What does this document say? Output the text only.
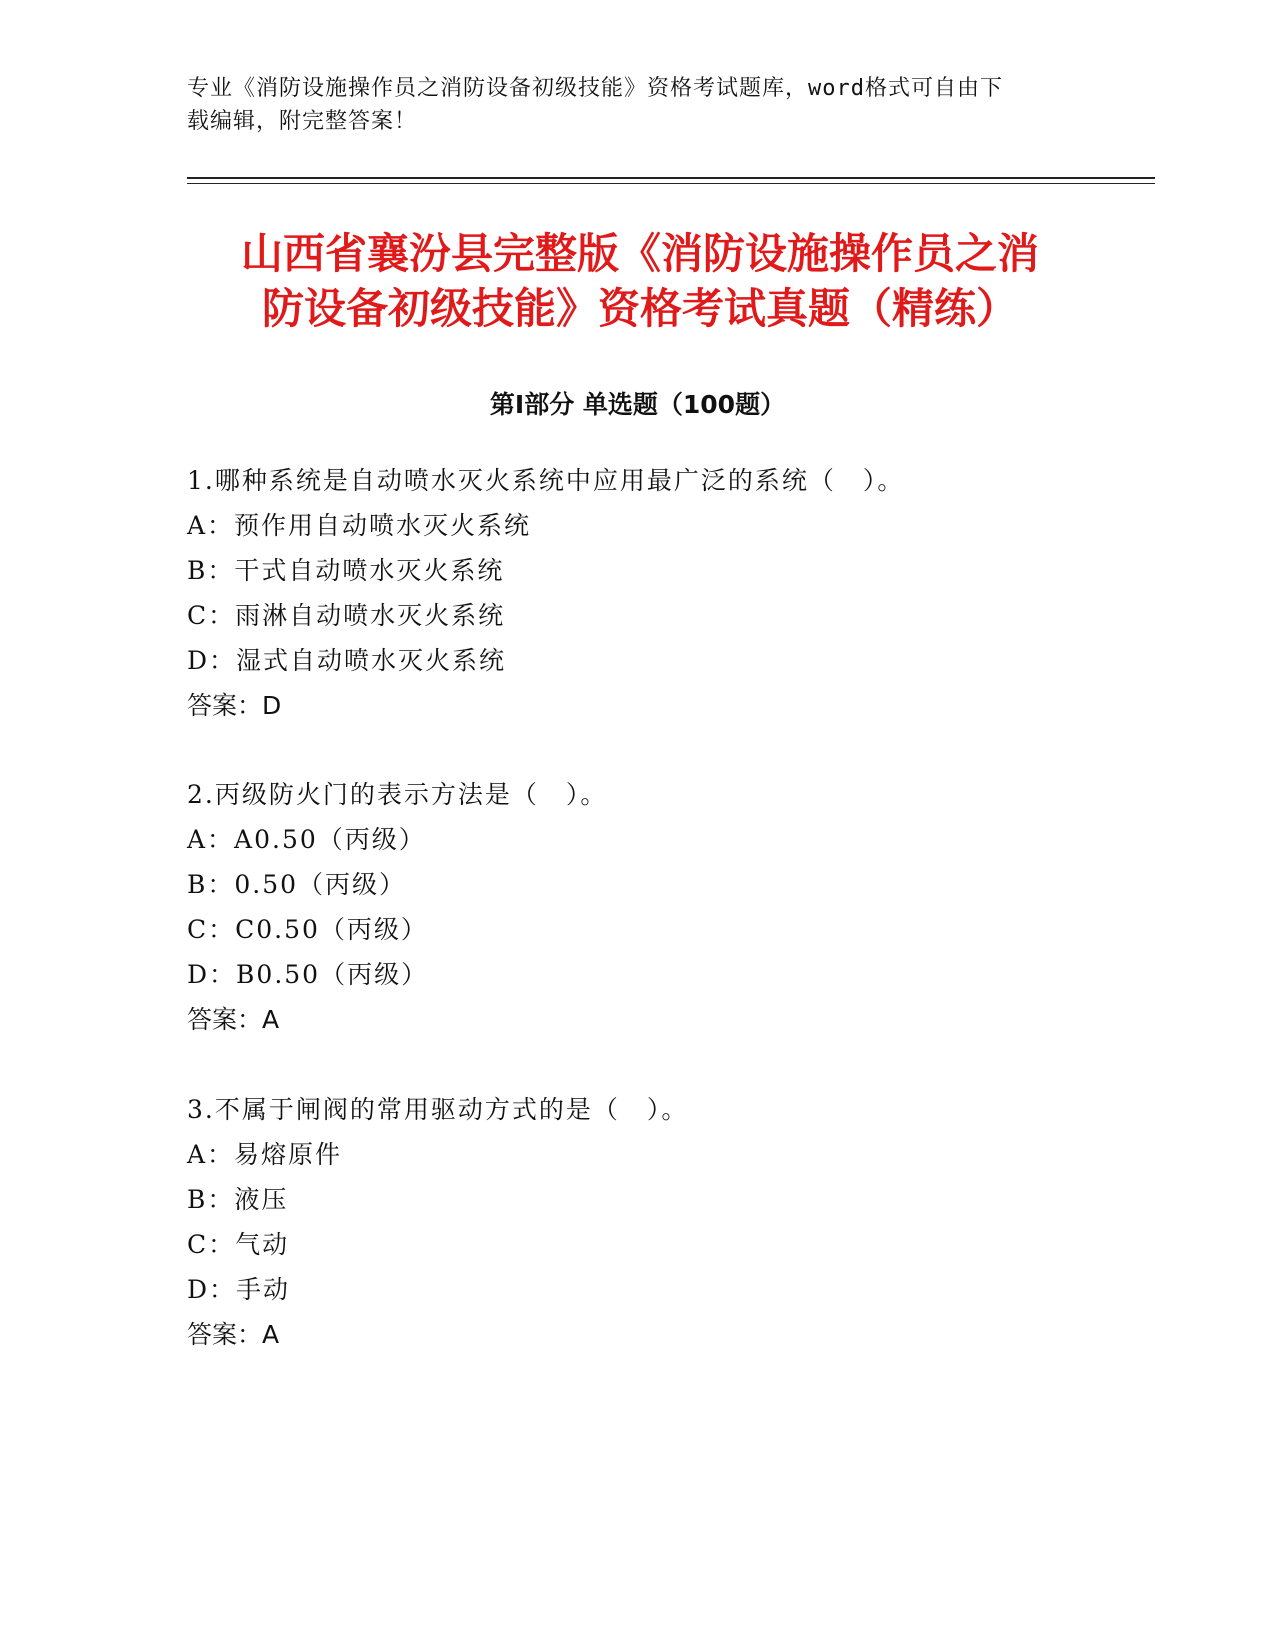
专业《消防设施操作员之消防设备初级技能》资格考试题库，word格式可自由下
载编辑，附完整答案！
山西省襄汾县完整版《消防设施操作员之消
防设备初级技能》资格考试真题（精练）
第Ⅰ部分 单选题（100题）
1.哪种系统是自动喷水灭火系统中应用最广泛的系统（　）。
A：预作用自动喷水灭火系统
B：干式自动喷水灭火系统
C：雨淋自动喷水灭火系统
D：湿式自动喷水灭火系统
答案：D
2.丙级防火门的表示方法是（　）。
A：A0.50（丙级）
B：0.50（丙级）
C：C0.50（丙级）
D：B0.50（丙级）
答案：A
3.不属于闸阀的常用驱动方式的是（　）。
A：易熔原件
B：液压
C：气动
D：手动
答案：A
